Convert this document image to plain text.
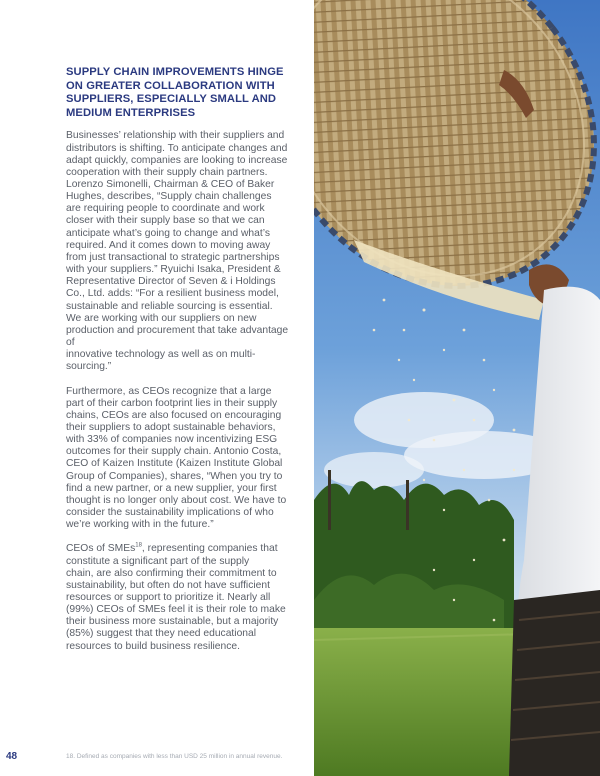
SUPPLY CHAIN IMPROVEMENTS HINGE
ON GREATER COLLABORATION WITH
SUPPLIERS, ESPECIALLY SMALL AND
MEDIUM ENTERPRISES

Businesses’ relationship with their suppliers and
distributors is shifting. To anticipate changes and
adapt quickly, companies are looking to increase
cooperation with their supply chain partners.
Lorenzo Simonelli, Chairman & CEO of Baker
Hughes, describes, “Supply chain challenges
are requiring people to coordinate and work
closer with their supply base so that we can
anticipate what’s going to change and what’s
required. And it comes down to moving away
from just transactional to strategic partnerships
with your suppliers.” Ryuichi Isaka, President &
Representative Director of Seven & i Holdings
Co., Ltd. adds: “For a resilient business model,
sustainable and reliable sourcing is essential.
We are working with our suppliers on new
production and procurement that take advantage of
innovative technology as well as on multi-sourcing.”

Furthermore, as CEOs recognize that a large
part of their carbon footprint lies in their supply
chains, CEOs are also focused on encouraging
their suppliers to adopt sustainable behaviors,
with 33% of companies now incentivizing ESG
outcomes for their supply chain. Antonio Costa,
CEO of Kaizen Institute (Kaizen Institute Global
Group of Companies), shares, “When you try to
find a new partner, or a new supplier, your first
thought is no longer only about cost. We have to
consider the sustainability implications of who
we’re working with in the future.”

CEOs of SMEs$^{18}$, representing companies that
constitute a significant part of the supply
chain, are also confirming their commitment to
sustainability, but often do not have sufficient
resources or support to prioritize it. Nearly all
(99%) CEOs of SMEs feel it is their role to make
their business more sustainable, but a majority
(85%) suggest that they need educational
resources to build business resilience.

48	18. Defined as companies with less than USD 25 million in annual revenue.
